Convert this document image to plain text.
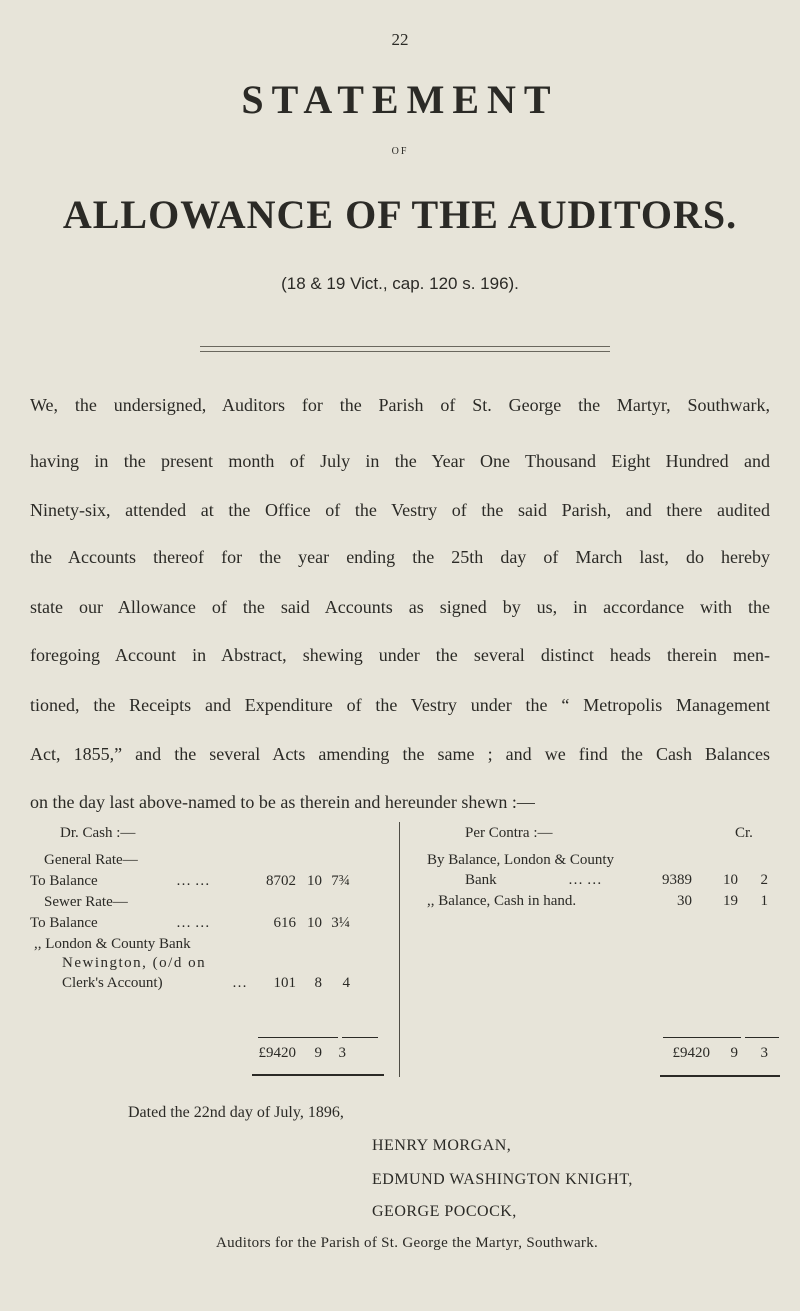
22
STATEMENT
OF
ALLOWANCE OF THE AUDITORS.
(18 & 19 Vict., cap. 120 s. 196).
We, the undersigned, Auditors for the Parish of St. George the Martyr, Southwark,
having in the present month of July in the Year One Thousand Eight Hundred and
Ninety-six, attended at the Office of the Vestry of the said Parish, and there audited
the Accounts thereof for the year ending the 25th day of March last, do hereby
state our Allowance of the said Accounts as signed by us, in accordance with the
foregoing Account in Abstract, shewing under the several distinct heads therein men-
tioned, the Receipts and Expenditure of the Vestry under the “ Metropolis Management
Act, 1855,” and the several Acts amending the same ; and we find the Cash Balances
on the day last above-named to be as therein and hereunder shewn :—
Dr. Cash :—
General Rate—
To Balance	… …	8702 10 7¾
Sewer Rate—
To Balance	… …	616 10 3¼
,, London & County Bank
Newington, (o/d on
Clerk's Account)	…	101	8	4
£9420	9	3
Per Contra :—	Cr.
By Balance, London & County
Bank	… …	9389	10	2
,, Balance, Cash in hand.	30	19	1
£9420	9	3
Dated the 22nd day of July, 1896,
HENRY MORGAN,
EDMUND WASHINGTON KNIGHT,
GEORGE POCOCK,
Auditors for the Parish of St. George the Martyr, Southwark.
